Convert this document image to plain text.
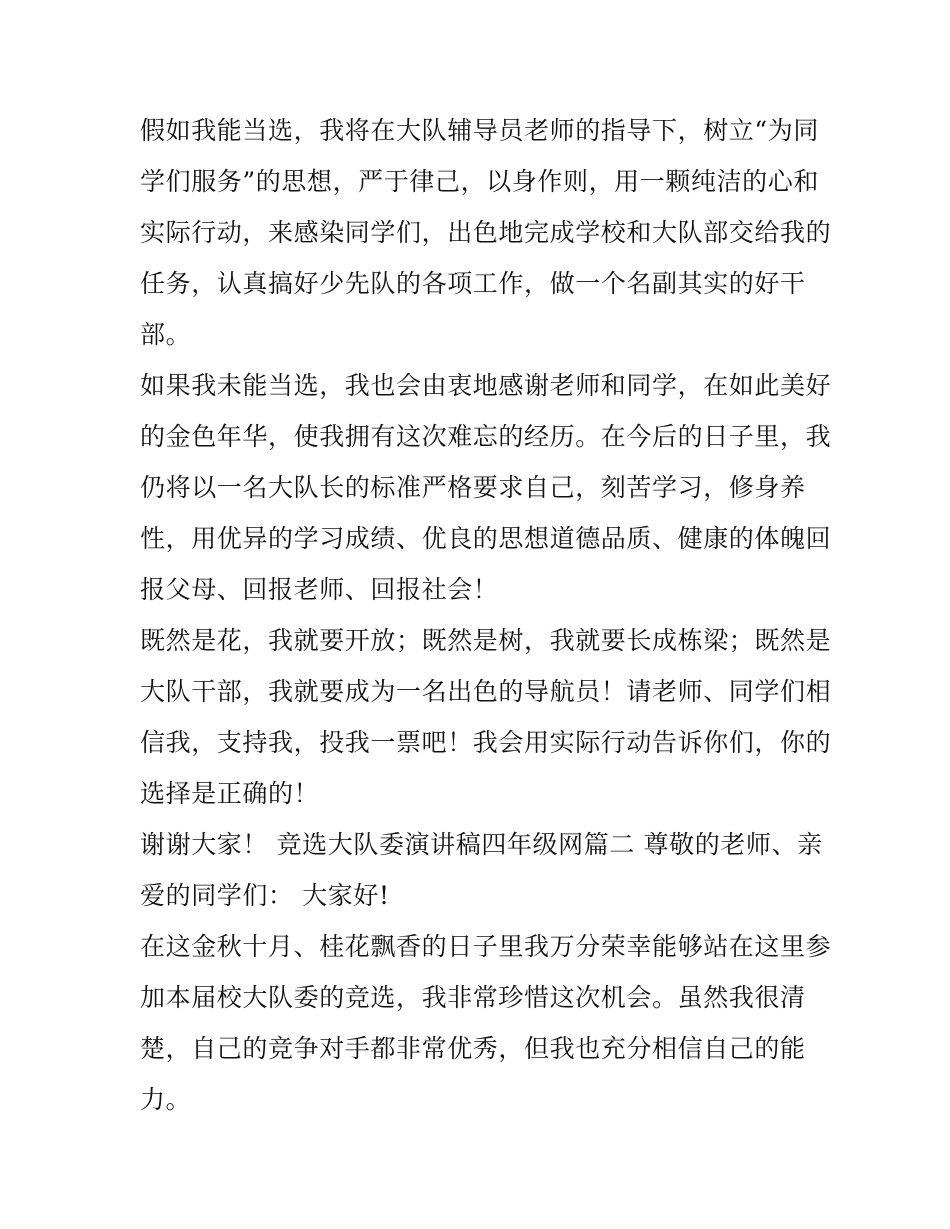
假如我能当选，我将在大队辅导员老师的指导下，树立“为同
学们服务”的思想，严于律己，以身作则，用一颗纯洁的心和
实际行动，来感染同学们，出色地完成学校和大队部交给我的
任务，认真搞好少先队的各项工作，做一个名副其实的好干
部。
如果我未能当选，我也会由衷地感谢老师和同学，在如此美好
的金色年华，使我拥有这次难忘的经历。在今后的日子里，我
仍将以一名大队长的标准严格要求自己，刻苦学习，修身养
性，用优异的学习成绩、优良的思想道德品质、健康的体魄回
报父母、回报老师、回报社会！
既然是花，我就要开放；既然是树，我就要长成栋梁；既然是
大队干部，我就要成为一名出色的导航员！请老师、同学们相
信我，支持我，投我一票吧！我会用实际行动告诉你们，你的
选择是正确的！
谢谢大家！ 竞选大队委演讲稿四年级网篇二 尊敬的老师、亲
爱的同学们： 大家好!
在这金秋十月、桂花飘香的日子里我万分荣幸能够站在这里参
加本届校大队委的竞选，我非常珍惜这次机会。虽然我很清
楚，自己的竞争对手都非常优秀，但我也充分相信自己的能
力。
